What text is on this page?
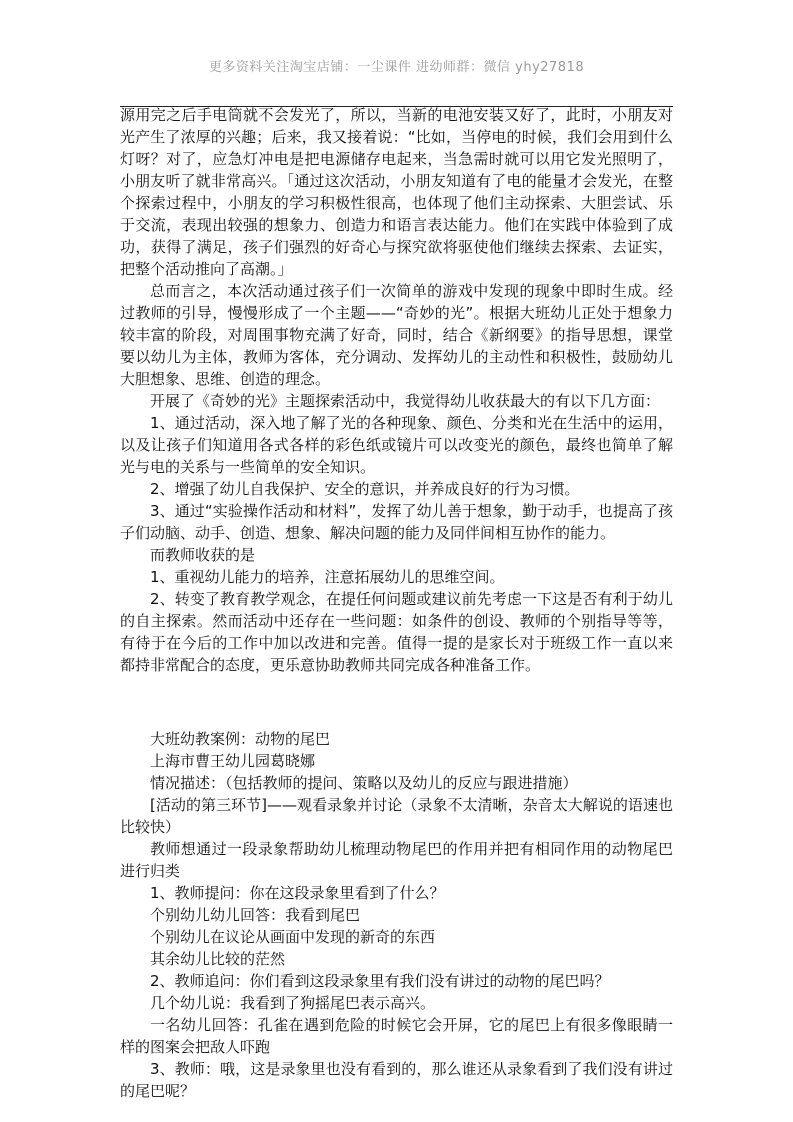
更多资料关注淘宝店铺：一尘课件 进幼师群：微信 yhy27818

源用完之后手电筒就不会发光了，所以，当新的电池安装又好了，此时，小朋友对光产生了浓厚的兴趣；后来，我又接着说：“比如，当停电的时候，我们会用到什么灯呀？对了，应急灯冲电是把电源储存电起来，当急需时就可以用它发光照明了，小朋友听了就非常高兴。「通过这次活动，小朋友知道有了电的能量才会发光，在整个探索过程中，小朋友的学习积极性很高，也体现了他们主动探索、大胆尝试、乐于交流，表现出较强的想象力、创造力和语言表达能力。他们在实践中体验到了成功，获得了满足，孩子们强烈的好奇心与探究欲将驱使他们继续去探索、去证实，把整个活动推向了高潮。」

总而言之，本次活动通过孩子们一次简单的游戏中发现的现象中即时生成。经过教师的引导，慢慢形成了一个主题——“奇妙的光”。根据大班幼儿正处于想象力较丰富的阶段，对周围事物充满了好奇，同时，结合《新纲要》的指导思想，课堂要以幼儿为主体，教师为客体，充分调动、发挥幼儿的主动性和积极性，鼓励幼儿大胆想象、思维、创造的理念。

开展了《奇妙的光》主题探索活动中，我觉得幼儿收获最大的有以下几方面：

1、通过活动，深入地了解了光的各种现象、颜色、分类和光在生活中的运用，以及让孩子们知道用各式各样的彩色纸或镜片可以改变光的颜色，最终也简单了解光与电的关系与一些简单的安全知识。

2、增强了幼儿自我保护、安全的意识，并养成良好的行为习惯。

3、通过“实验操作活动和材料”，发挥了幼儿善于想象，勤于动手，也提高了孩子们动脑、动手、创造、想象、解决问题的能力及同伴间相互协作的能力。

而教师收获的是

1、重视幼儿能力的培养，注意拓展幼儿的思维空间。

2、转变了教育教学观念，在提任何问题或建议前先考虑一下这是否有利于幼儿的自主探索。然而活动中还存在一些问题：如条件的创设、教师的个别指导等等，有待于在今后的工作中加以改进和完善。值得一提的是家长对于班级工作一直以来都持非常配合的态度，更乐意协助教师共同完成各种准备工作。

大班幼教案例：动物的尾巴

上海市曹王幼儿园葛晓娜

情况描述：（包括教师的提问、策略以及幼儿的反应与跟进措施）

[活动的第三环节]——观看录象并讨论（录象不太清晰，杂音太大解说的语速也比较快）

教师想通过一段录象帮助幼儿梳理动物尾巴的作用并把有相同作用的动物尾巴进行归类

1、教师提问：你在这段录象里看到了什么？

个别幼儿幼儿回答：我看到尾巴

个别幼儿在议论从画面中发现的新奇的东西

其余幼儿比较的茫然

2、教师追问：你们看到这段录象里有我们没有讲过的动物的尾巴吗？

几个幼儿说：我看到了狗摇尾巴表示高兴。

一名幼儿回答：孔雀在遇到危险的时候它会开屏，它的尾巴上有很多像眼睛一样的图案会把敌人吓跑

3、教师：哦，这是录象里也没有看到的，那么谁还从录象看到了我们没有讲过的尾巴呢？
